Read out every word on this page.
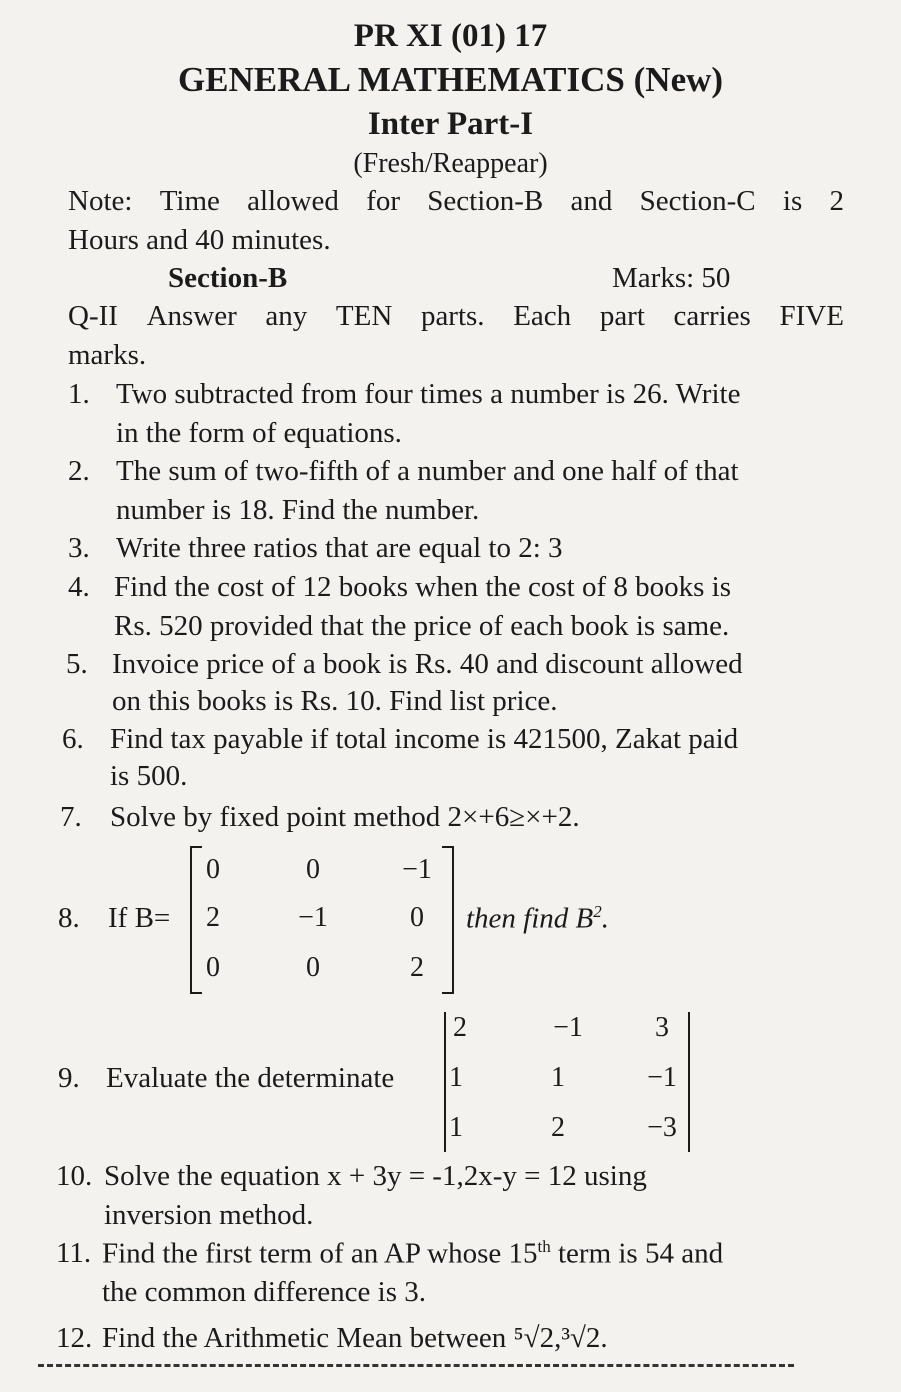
PR XI (01) 17
GENERAL MATHEMATICS (New)
Inter Part-I
(Fresh/Reappear)
Note: Time allowed for Section-B and Section-C is 2
Hours and 40 minutes.
Section-B	Marks: 50
Q-II Answer any TEN parts. Each part carries FIVE
marks.
1. Two subtracted from four times a number is 26. Write
in the form of equations.
2. The sum of two-fifth of a number and one half of that
number is 18. Find the number.
3. Write three ratios that are equal to 2: 3
4. Find the cost of 12 books when the cost of 8 books is
Rs. 520 provided that the price of each book is same.
5. Invoice price of a book is Rs. 40 and discount allowed
on this books is Rs. 10. Find list price.
6. Find tax payable if total income is 421500, Zakat paid
is 500.
7. Solve by fixed point method 2×+6≥×+2.
8. If B=
0	0	−1
2	−1	0
0	0	2
then find $B^2$.
9. Evaluate the determinate
2	−1	3
1	1	−1
1	2	−3
10. Solve the equation x + 3y = -1,2x-y = 12 using
inversion method.
11. Find the first term of an AP whose 15th term is 54 and
the common difference is 3.
12. Find the Arithmetic Mean between ⁵√2,³√2.
